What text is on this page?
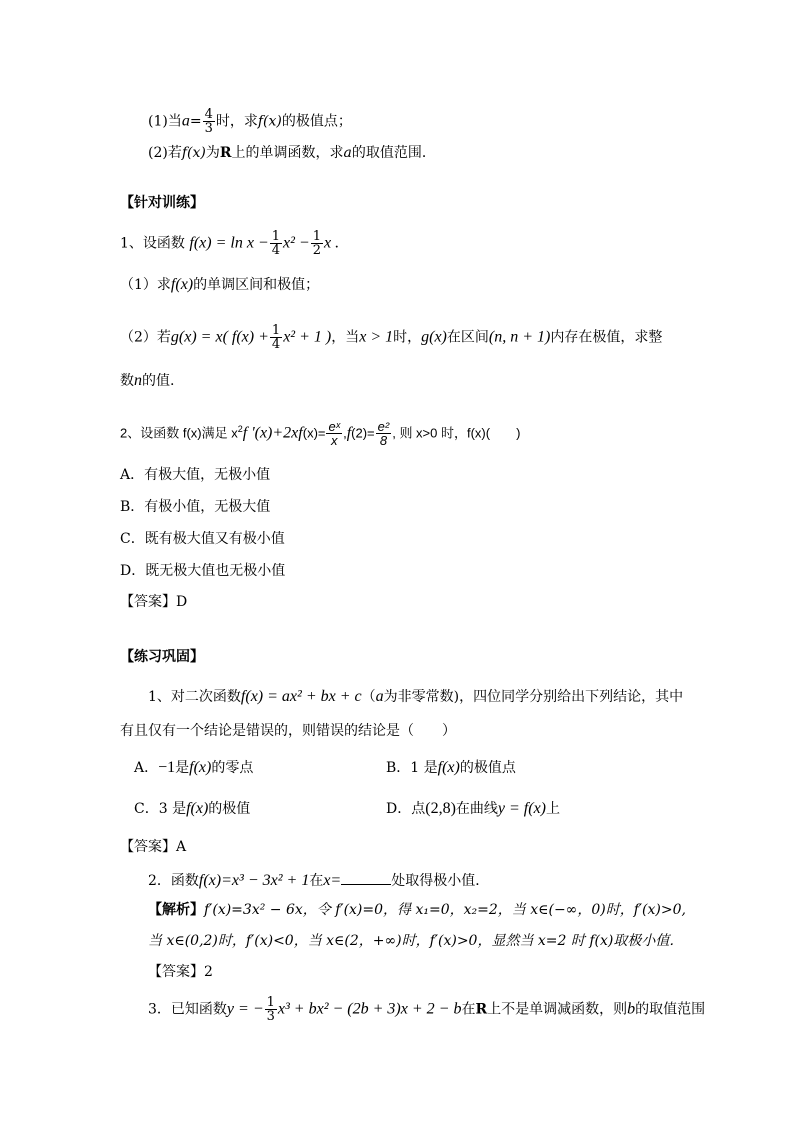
(1)当$a= \frac{4}{3}$ 时，求f(x)的极值点；
(2)若f(x)为R上的单调函数，求a的取值范围．
【针对训练】
1、设函数 $f(x) = \ln x - \frac{1}{4} x^2 - \frac{1}{2}$ x .
（1）求f(x)的单调区间和极值；
（2）若g(x) = x( $f(x) + \frac{1}{4} x^2 + 1$ )，当x > 1时，g(x)在区间(n, n + 1)内存在极值，求整
数n的值.
2、设函数 f(x)满足 $x^2f$ '$(x)+2xf(x)= \frac{\text{eˣ}}{x} ,f(2)= \frac{\text{e²}}{8}$ , 则 x>0 时，f(x)(　　)
A．有极大值，无极小值
B．有极小值，无极大值
C．既有极大值又有极小值
D．既无极大值也无极小值
【答案】D
【练习巩固】
1、对二次函数f(x) = ax² + bx + c（a为非零常数)，四位同学分别给出下列结论，其中
有且仅有一个结论是错误的，则错误的结论是（　　）
A．−1是f(x)的零点	B．1 是f(x)的极值点
C．3 是f(x)的极值	D．点(2,8)在曲线y = f(x)上
【答案】A
2．函数f(x)=x³ − 3x² + 1在x=	处取得极小值．
【解析】f′(x)=3x² − 6x，令 f′(x)=0，得 x₁=0，x₂=2，当 x∈(−∞，0)时，f′(x)>0,
当 x∈(0,2)时，f′(x)<0，当 x∈(2，+∞)时，f′(x)>0，显然当 x=2 时 f(x)取极小值．
【答案】2
3．已知函数y = − $\frac{1}{3} x^3 + bx^2 - (2b + 3)x + 2 - b$在R上不是单调减函数，则b的取值范围
